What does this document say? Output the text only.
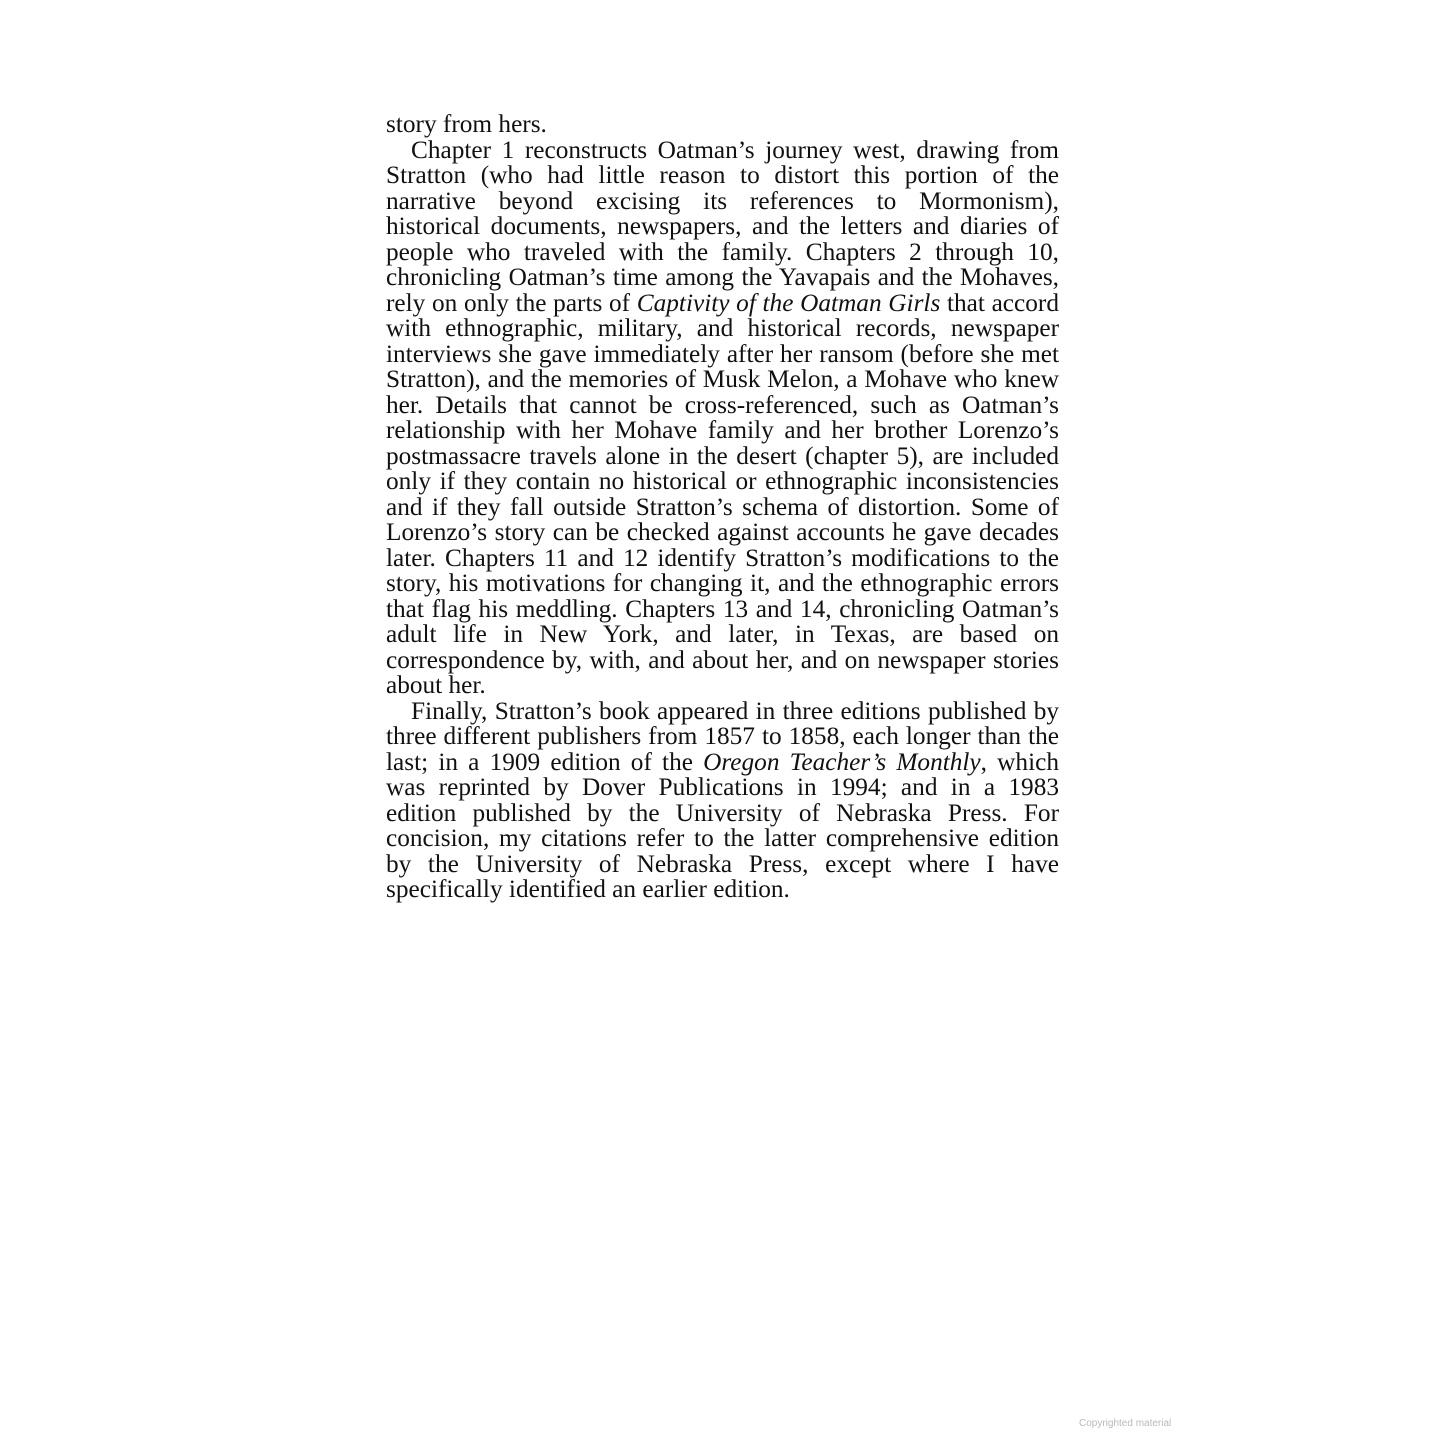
story from hers.

Chapter 1 reconstructs Oatman’s journey west, drawing from Stratton (who had little reason to distort this portion of the narrative beyond excising its references to Mormonism), historical documents, newspapers, and the letters and diaries of people who traveled with the family. Chapters 2 through 10, chronicling Oatman’s time among the Yavapais and the Mohaves, rely on only the parts of Captivity of the Oatman Girls that accord with ethnographic, military, and historical records, newspaper interviews she gave immediately after her ransom (before she met Stratton), and the memories of Musk Melon, a Mohave who knew her. Details that cannot be cross-referenced, such as Oatman’s relationship with her Mohave family and her brother Lorenzo’s postmassacre travels alone in the desert (chapter 5), are included only if they contain no historical or ethnographic inconsistencies and if they fall outside Stratton’s schema of distortion. Some of Lorenzo’s story can be checked against accounts he gave decades later. Chapters 11 and 12 identify Stratton’s modifications to the story, his motivations for changing it, and the ethnographic errors that flag his meddling. Chapters 13 and 14, chronicling Oatman’s adult life in New York, and later, in Texas, are based on correspondence by, with, and about her, and on newspaper stories about her.

Finally, Stratton’s book appeared in three editions published by three different publishers from 1857 to 1858, each longer than the last; in a 1909 edition of the Oregon Teacher’s Monthly, which was reprinted by Dover Publications in 1994; and in a 1983 edition published by the University of Nebraska Press. For concision, my citations refer to the latter comprehensive edition by the University of Nebraska Press, except where I have specifically identified an earlier edition.

Copyrighted material
